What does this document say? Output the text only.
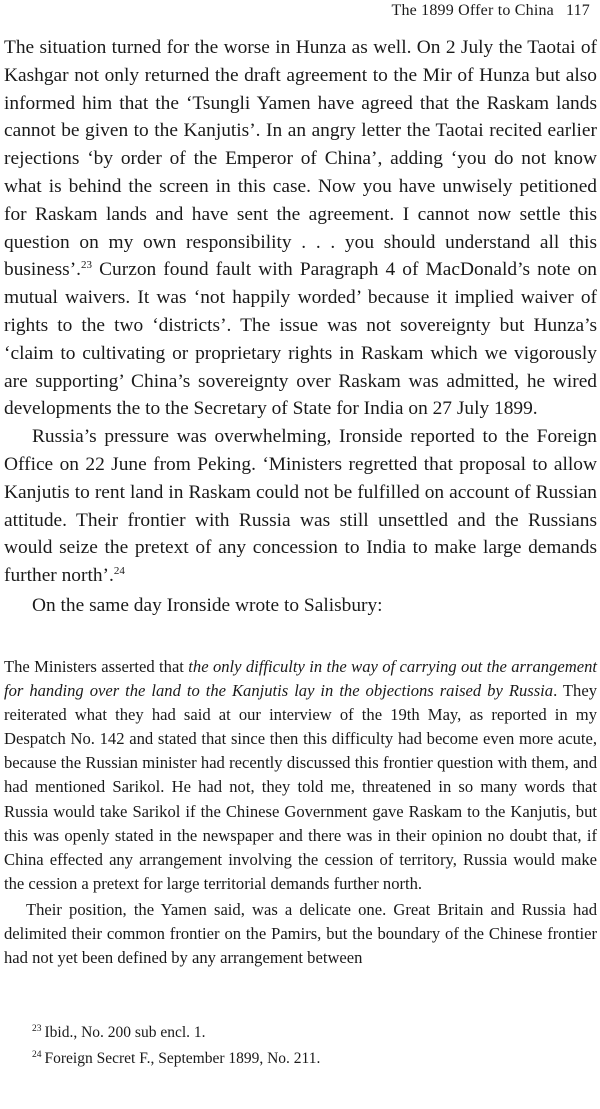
The 1899 Offer to China 117

The situation turned for the worse in Hunza as well. On 2 July the Taotai of Kashgar not only returned the draft agreement to the Mir of Hunza but also informed him that the ‘Tsungli Yamen have agreed that the Raskam lands cannot be given to the Kanjutis’. In an angry letter the Taotai recited earlier rejections ‘by order of the Emperor of China’, adding ‘you do not know what is behind the screen in this case. Now you have unwisely petitioned for Raskam lands and have sent the agreement. I cannot now settle this question on my own responsibility . . . you should understand all this business’.$^{23}$ Curzon found fault with Paragraph 4 of MacDonald’s note on mutual waivers. It was ‘not happily worded’ because it implied waiver of rights to the two ‘districts’. The issue was not sovereignty but Hunza’s ‘claim to cultivating or proprietary rights in Raskam which we vigorously are supporting’ China’s sovereignty over Raskam was admitted, he wired developments the to the Secretary of State for India on 27 July 1899.

Russia’s pressure was overwhelming, Ironside reported to the Foreign Office on 22 June from Peking. ‘Ministers regretted that proposal to allow Kanjutis to rent land in Raskam could not be fulfilled on account of Russian attitude. Their frontier with Russia was still unsettled and the Russians would seize the pretext of any concession to India to make large demands further north’.$^{24}$

On the same day Ironside wrote to Salisbury:

The Ministers asserted that the only difficulty in the way of carrying out the arrangement for handing over the land to the Kanjutis lay in the objections raised by Russia. They reiterated what they had said at our interview of the 19th May, as reported in my Despatch No. 142 and stated that since then this difficulty had become even more acute, because the Russian minister had recently discussed this frontier question with them, and had mentioned Sarikol. He had not, they told me, threatened in so many words that Russia would take Sarikol if the Chinese Government gave Raskam to the Kanjutis, but this was openly stated in the newspaper and there was in their opinion no doubt that, if China effected any arrangement involving the cession of territory, Russia would make the cession a pretext for large territorial demands further north.

Their position, the Yamen said, was a delicate one. Great Britain and Russia had delimited their common frontier on the Pamirs, but the boundary of the Chinese frontier had not yet been defined by any arrangement between

$^{23}$ Ibid., No. 200 sub encl. 1.
$^{24}$ Foreign Secret F., September 1899, No. 211.
